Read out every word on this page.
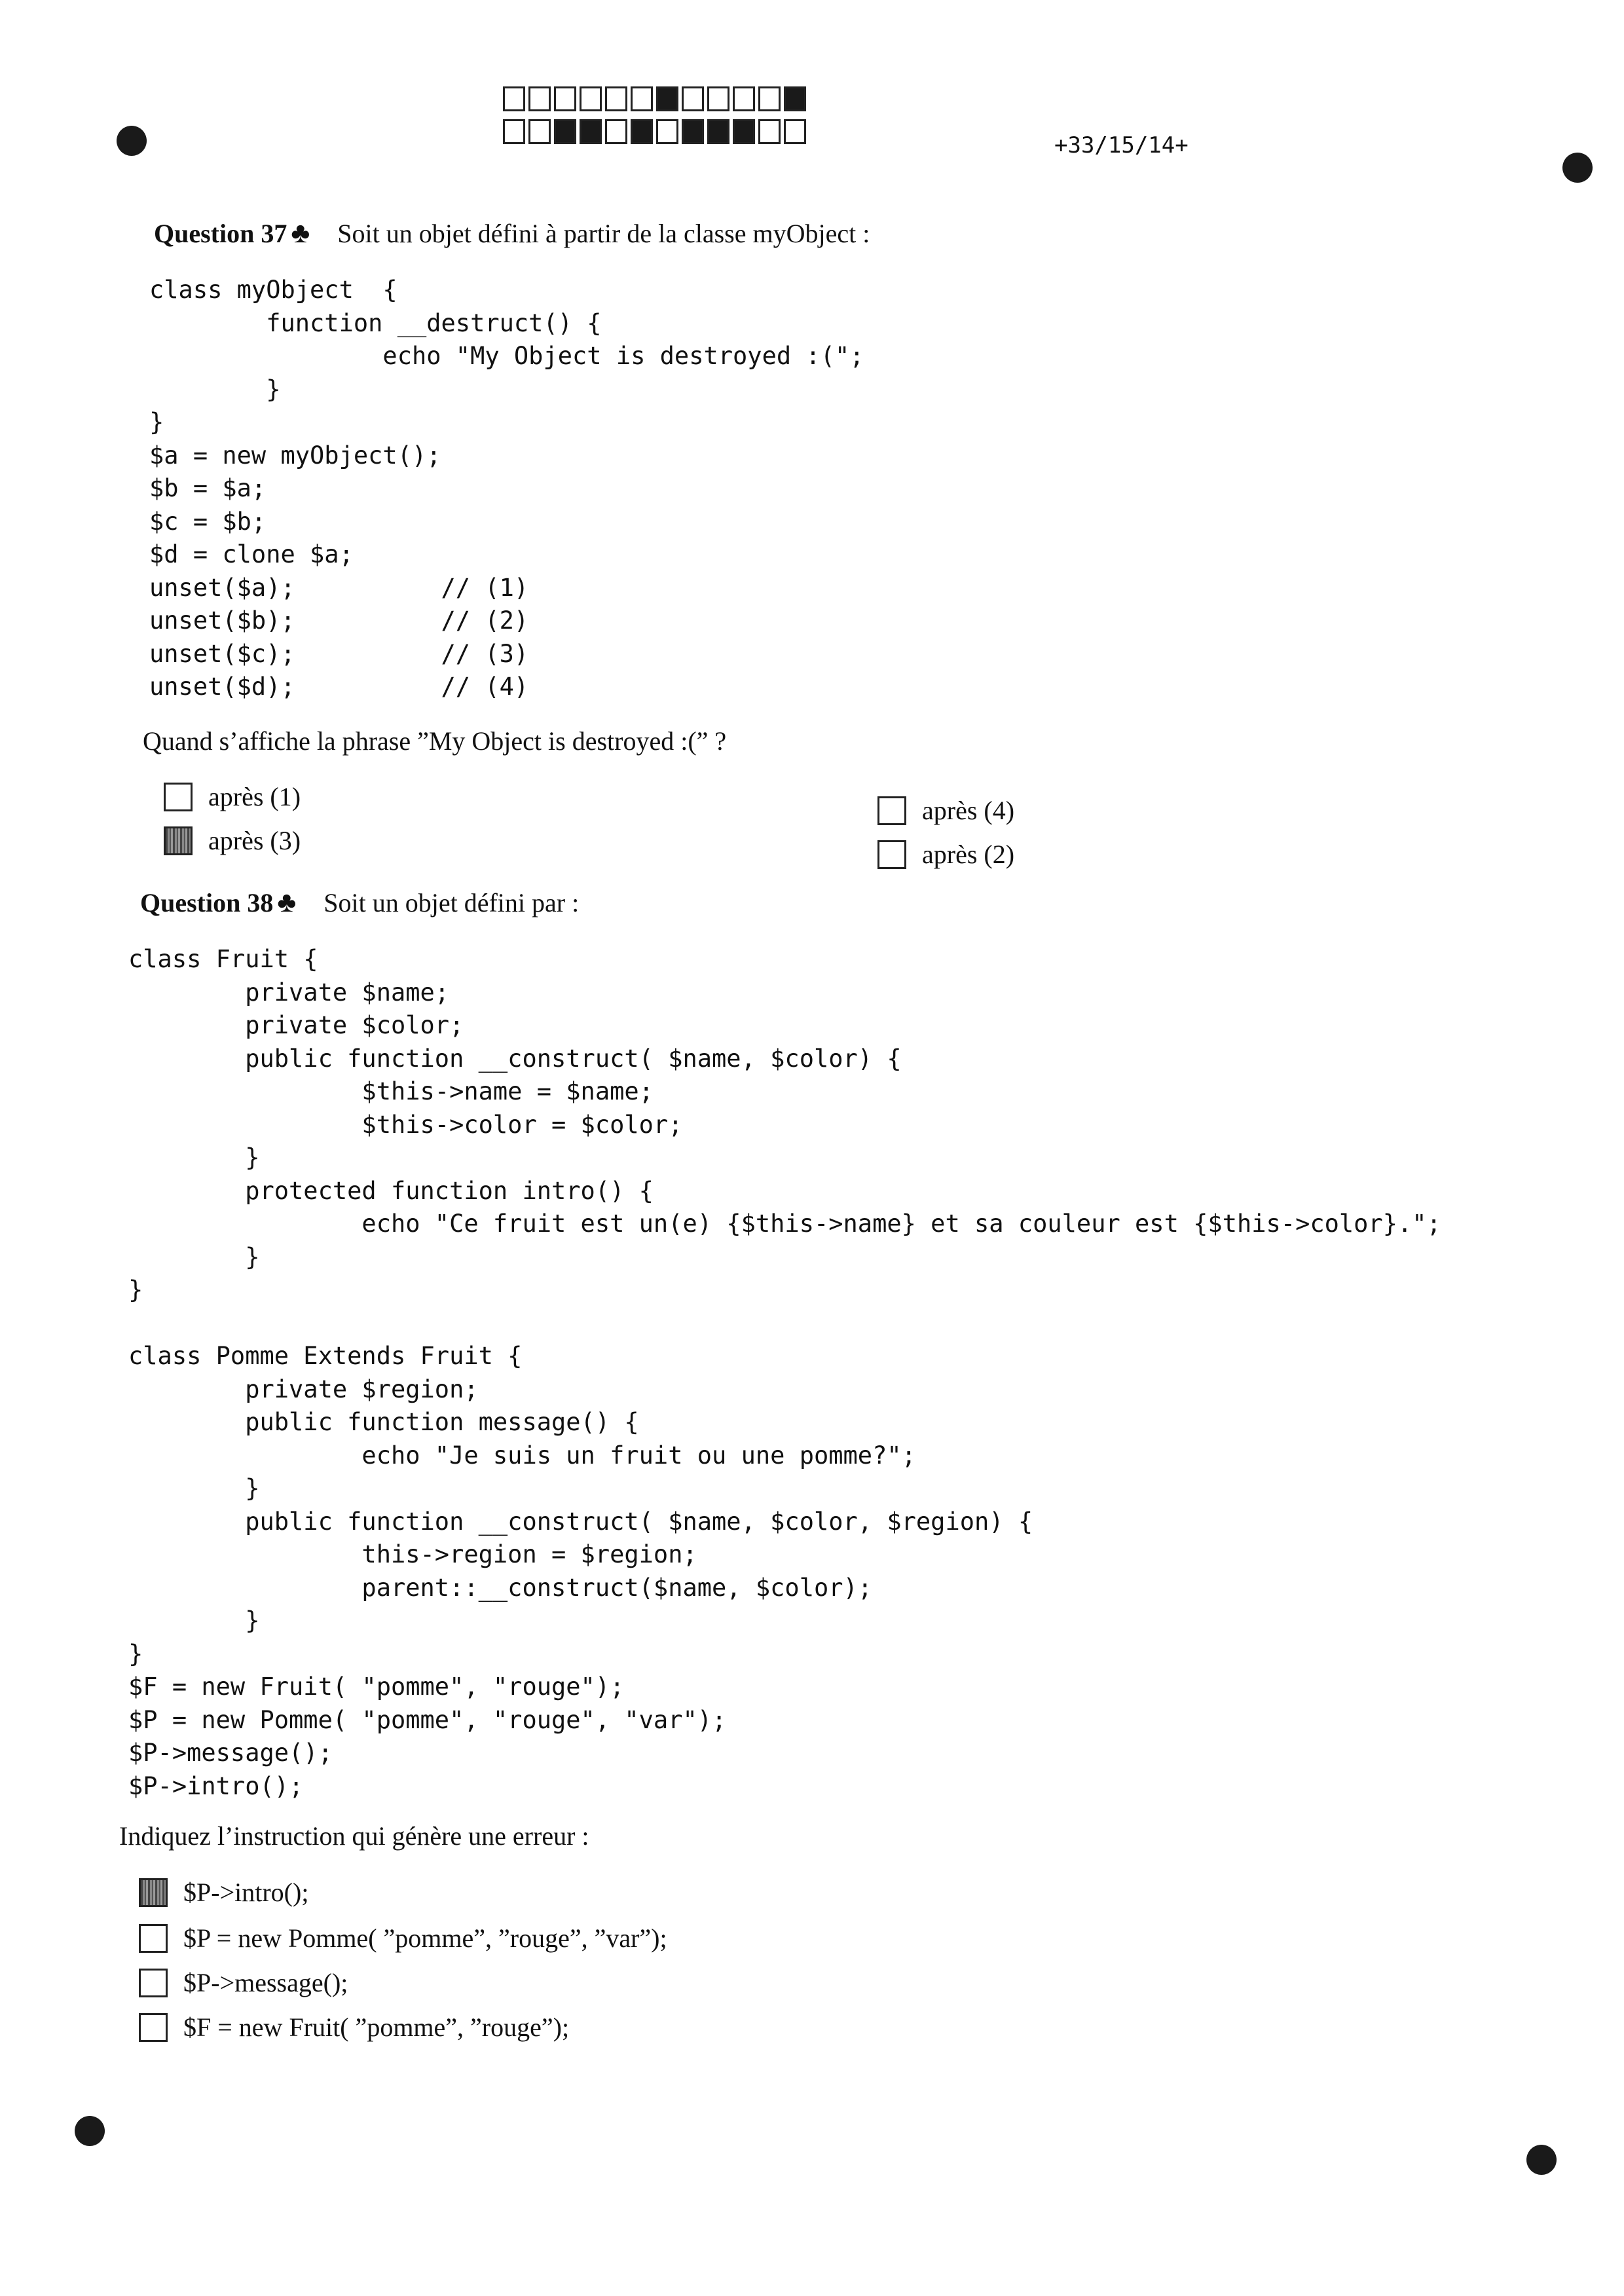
+33/15/14+
Question 37 ♣ Soit un objet défini à partir de la classe myObject :
class myObject  {
function __destruct() {
echo "My Object is destroyed :(";
}
}
$a = new myObject();
$b = $a;
$c = $b;
$d = clone $a;
unset($a);          // (1)
unset($b);          // (2)
unset($c);          // (3)
unset($d);          // (4)
Quand s’affiche la phrase ”My Object is destroyed :(” ?
après (1)
après (3)
après (4)
après (2)
Question 38 ♣ Soit un objet défini par :
class Fruit {
private $name;
private $color;
public function __construct( $name, $color) {
$this->name = $name;
$this->color = $color;
}
protected function intro() {
echo "Ce fruit est un(e) {$this->name} et sa couleur est {$this->color}.";
}
}

class Pomme Extends Fruit {
private $region;
public function message() {
echo "Je suis un fruit ou une pomme?";
}
public function __construct( $name, $color, $region) {
this->region = $region;
parent::__construct($name, $color);
}
}
$F = new Fruit( "pomme", "rouge");
$P = new Pomme( "pomme", "rouge", "var");
$P->message();
$P->intro();
Indiquez l’instruction qui génère une erreur :
$P->intro();
$P = new Pomme( ”pomme”, ”rouge”, ”var”);
$P->message();
$F = new Fruit( ”pomme”, ”rouge”);
